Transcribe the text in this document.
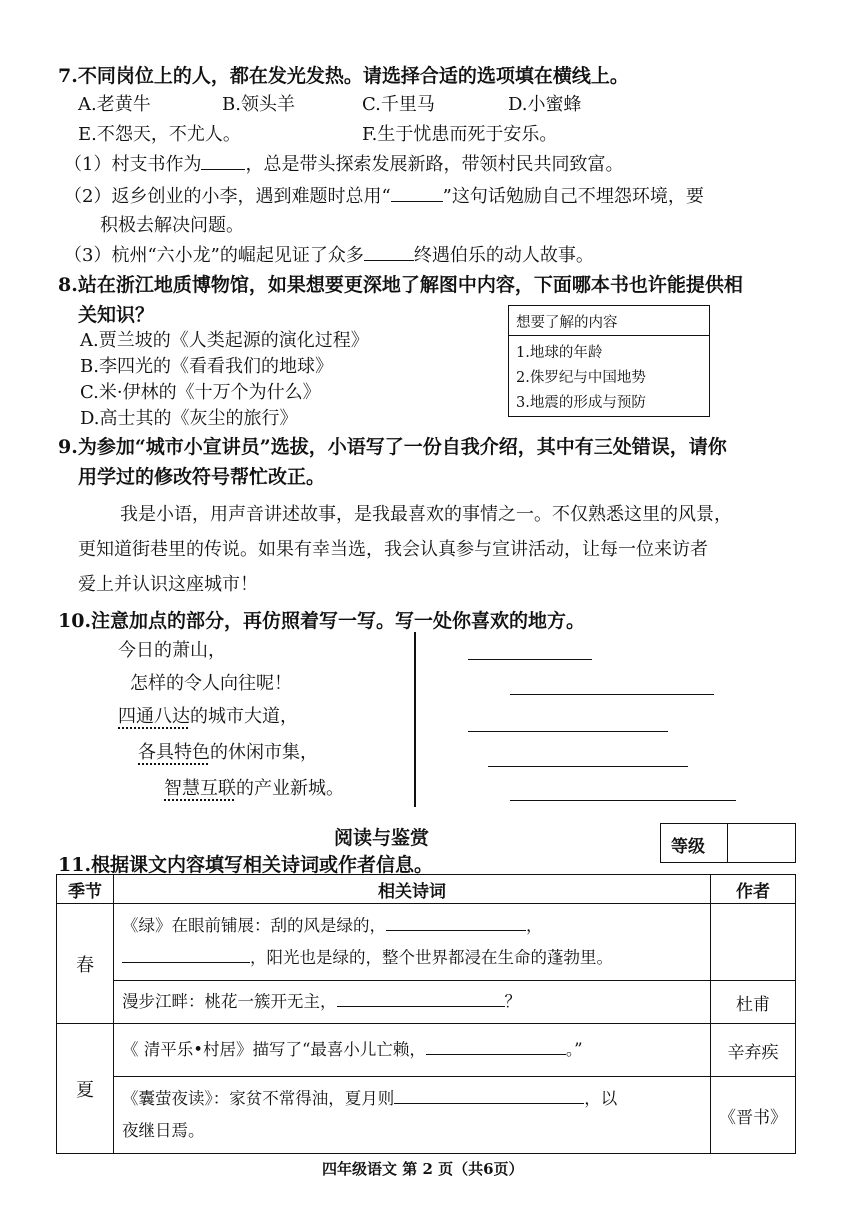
7.不同岗位上的人，都在发光发热。请选择合适的选项填在横线上。
A.老黄牛	B.领头羊	C.千里马	D.小蜜蜂
E.不怨天，不尤人。	F.生于忧患而死于安乐。
（1）村支书作为 ，总是带头探索发展新路，带领村民共同致富。
（2）返乡创业的小李，遇到难题时总用“	”这句话勉励自己不埋怨环境，要
积极去解决问题。
（3）杭州“六小龙”的崛起见证了众多	终遇伯乐的动人故事。
8.站在浙江地质博物馆，如果想要更深地了解图中内容，下面哪本书也许能提供相
关知识？
A.贾兰坡的《人类起源的演化过程》
B.李四光的《看看我们的地球》
C.米·伊林的《十万个为什么》
D.高士其的《灰尘的旅行》
想要了解的内容
1.地球的年龄
2.侏罗纪与中国地势
3.地震的形成与预防
9.为参加“城市小宣讲员”选拔，小语写了一份自我介绍，其中有三处错误，请你
用学过的修改符号帮忙改正。
我是小语，用声音讲述故事，是我最喜欢的事情之一。不仅熟悉这里的风景，
更知道街巷里的传说。如果有幸当选，我会认真参与宣讲活动，让每一位来访者
爱上并认识这座城市！
10.注意加点的部分，再仿照着写一写。写一处你喜欢的地方。
今日的萧山，
怎样的令人向往呢！
四通八达的城市大道，
各具特色的休闲市集，
智慧互联的产业新城。
阅读与鉴赏	等级
11.根据课文内容填写相关诗词或作者信息。
季节	相关诗词	作者
春	《绿》在眼前铺展：刮的风是绿的， ，
，阳光也是绿的，整个世界都浸在生命的蓬勃里。	

	漫步江畔：桃花一簇开无主， ？	杜甫
夏	《 清平乐•村居》描写了“最喜小儿亡赖， 。”	辛弃疾

	《囊萤夜读》：家贫不常得油，夏月则 ，以
夜继日焉。	《晋书》
四年级语文 第 2 页（共6页）
